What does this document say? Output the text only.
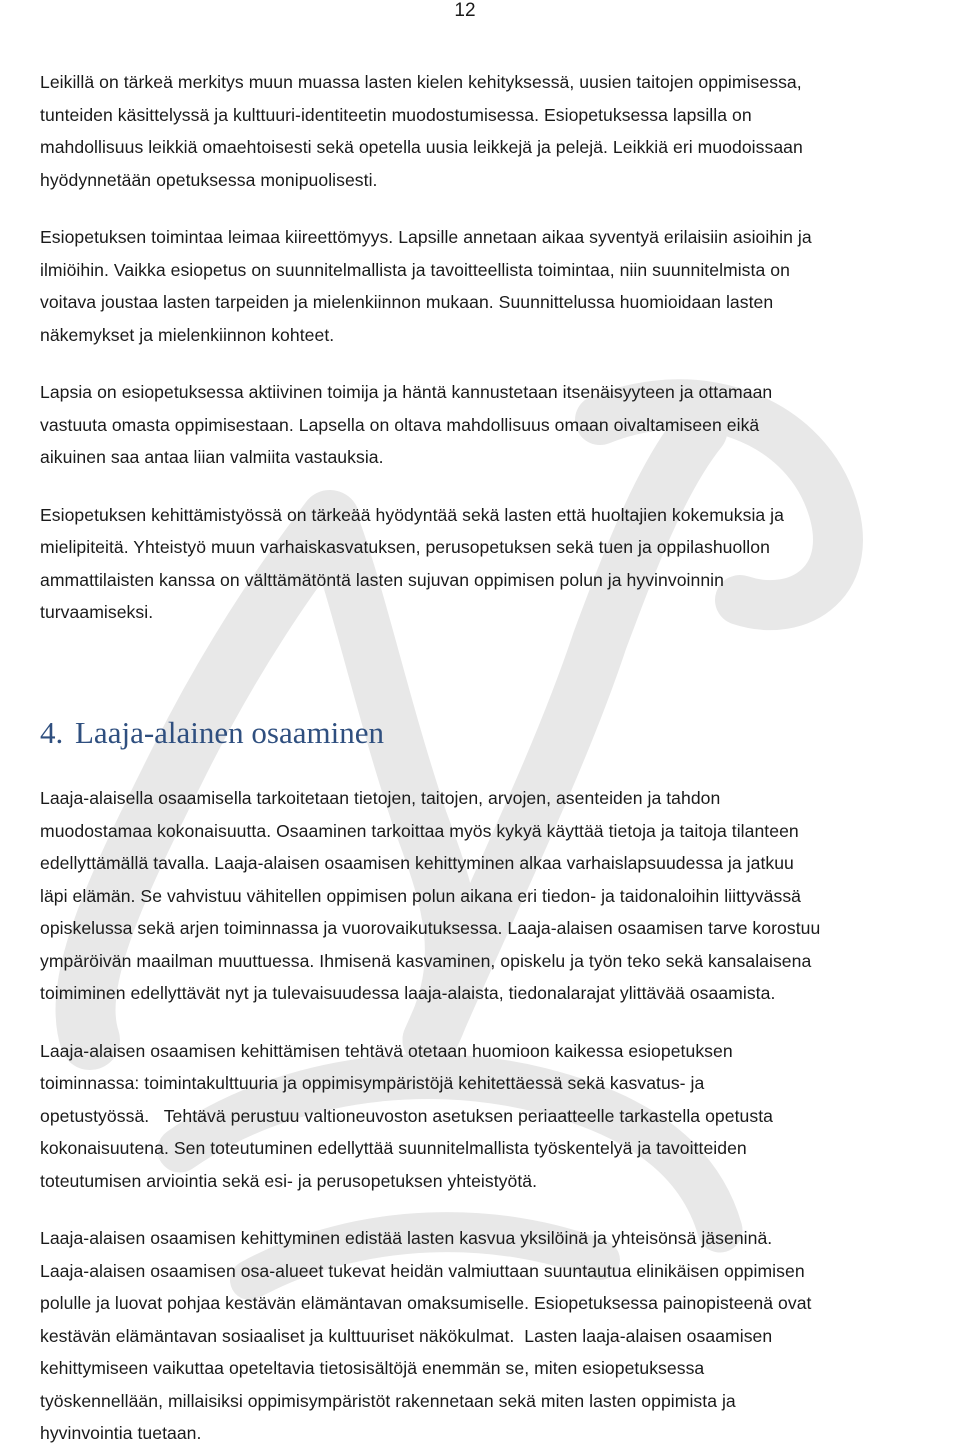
12

Leikillä on tärkeä merkitys muun muassa lasten kielen kehityksessä, uusien taitojen oppimisessa,

tunteiden käsittelyssä ja kulttuuri-identiteetin muodostumisessa. Esiopetuksessa lapsilla on

mahdollisuus leikkiä omaehtoisesti sekä opetella uusia leikkejä ja pelejä. Leikkiä eri muodoissaan

hyödynnetään opetuksessa monipuolisesti.

Esiopetuksen toimintaa leimaa kiireettömyys. Lapsille annetaan aikaa syventyä erilaisiin asioihin ja

ilmiöihin. Vaikka esiopetus on suunnitelmallista ja tavoitteellista toimintaa, niin suunnitelmista on

voitava joustaa lasten tarpeiden ja mielenkiinnon mukaan. Suunnittelussa huomioidaan lasten

näkemykset ja mielenkiinnon kohteet.

Lapsia on esiopetuksessa aktiivinen toimija ja häntä kannustetaan itsenäisyyteen ja ottamaan

vastuuta omasta oppimisestaan. Lapsella on oltava mahdollisuus omaan oivaltamiseen eikä

aikuinen saa antaa liian valmiita vastauksia.

Esiopetuksen kehittämistyössä on tärkeää hyödyntää sekä lasten että huoltajien kokemuksia ja

mielipiteitä. Yhteistyö muun varhaiskasvatuksen, perusopetuksen sekä tuen ja oppilashuollon

ammattilaisten kanssa on välttämätöntä lasten sujuvan oppimisen polun ja hyvinvoinnin

turvaamiseksi.

4. Laaja-alainen osaaminen

Laaja-alaisella osaamisella tarkoitetaan tietojen, taitojen, arvojen, asenteiden ja tahdon

muodostamaa kokonaisuutta. Osaaminen tarkoittaa myös kykyä käyttää tietoja ja taitoja tilanteen

edellyttämällä tavalla. Laaja-alaisen osaamisen kehittyminen alkaa varhaislapsuudessa ja jatkuu

läpi elämän. Se vahvistuu vähitellen oppimisen polun aikana eri tiedon- ja taidonaloihin liittyvässä

opiskelussa sekä arjen toiminnassa ja vuorovaikutuksessa. Laaja-alaisen osaamisen tarve korostuu

ympäröivän maailman muuttuessa. Ihmisenä kasvaminen, opiskelu ja työn teko sekä kansalaisena

toimiminen edellyttävät nyt ja tulevaisuudessa laaja-alaista, tiedonalarajat ylittävää osaamista.

Laaja-alaisen osaamisen kehittämisen tehtävä otetaan huomioon kaikessa esiopetuksen

toiminnassa: toimintakulttuuria ja oppimisympäristöjä kehitettäessä sekä kasvatus- ja

opetustyössä.   Tehtävä perustuu valtioneuvoston asetuksen periaatteelle tarkastella opetusta

kokonaisuutena. Sen toteutuminen edellyttää suunnitelmallista työskentelyä ja tavoitteiden

toteutumisen arviointia sekä esi- ja perusopetuksen yhteistyötä.

Laaja-alaisen osaamisen kehittyminen edistää lasten kasvua yksilöinä ja yhteisönsä jäseninä.

Laaja-alaisen osaamisen osa-alueet tukevat heidän valmiuttaan suuntautua elinikäisen oppimisen

polulle ja luovat pohjaa kestävän elämäntavan omaksumiselle. Esiopetuksessa painopisteenä ovat

kestävän elämäntavan sosiaaliset ja kulttuuriset näkökulmat.  Lasten laaja-alaisen osaamisen

kehittymiseen vaikuttaa opeteltavia tietosisältöjä enemmän se, miten esiopetuksessa

työskennellään, millaisiksi oppimisympäristöt rakennetaan sekä miten lasten oppimista ja

hyvinvointia tuetaan.
